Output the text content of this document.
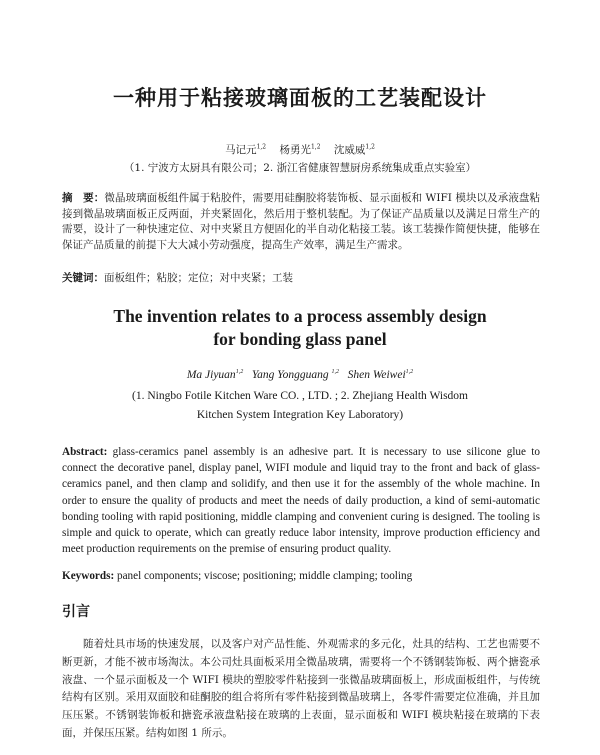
一种用于粘接玻璃面板的工艺装配设计
马记元$^{1,2}$ 杨勇光$^{1,2}$ 沈威威$^{1,2}$
（1. 宁波方太厨具有限公司；2. 浙江省健康智慧厨房系统集成重点实验室）
摘　要：微晶玻璃面板组件属于粘胶件，需要用硅酮胶将装饰板、显示面板和 WIFI 模块以及承液盘粘接到微晶玻璃面板正反两面，并夹紧固化，然后用于整机装配。为了保证产品质量以及满足日常生产的需要，设计了一种快速定位、对中夹紧且方便固化的半自动化粘接工装。该工装操作简便快捷，能够在保证产品质量的前提下大大减小劳动强度，提高生产效率，满足生产需求。
关键词：面板组件；粘胶；定位；对中夹紧；工装
The invention relates to a process assembly design
for bonding glass panel
Ma Jiyuan$^{1,2}$ Yang Yongguang $^{1,2}$ Shen Weiwei$^{1,2}$
(1. Ningbo Fotile Kitchen Ware CO. , LTD. ; 2. Zhejiang Health Wisdom
Kitchen System Integration Key Laboratory)
Abstract: glass-ceramics panel assembly is an adhesive part. It is necessary to use silicone glue to connect the decorative panel, display panel, WIFI module and liquid tray to the front and back of glass-ceramics panel, and then clamp and solidify, and then use it for the assembly of the whole machine. In order to ensure the quality of products and meet the needs of daily production, a kind of semi-automatic bonding tooling with rapid positioning, middle clamping and convenient curing is designed. The tooling is simple and quick to operate, which can greatly reduce labor intensity, improve production efficiency and meet production requirements on the premise of ensuring product quality.
Keywords: panel components; viscose; positioning; middle clamping; tooling
引言
随着灶具市场的快速发展，以及客户对产品性能、外观需求的多元化，灶具的结构、工艺也需要不断更新，才能不被市场淘汰。本公司灶具面板采用全微晶玻璃，需要将一个不锈钢装饰板、两个搪瓷承液盘、一个显示面板及一个 WIFI 模块的塑胶零件粘接到一张微晶玻璃面板上，形成面板组件，与传统结构有区别。采用双面胶和硅酮胶的组合将所有零件粘接到微晶玻璃上，各零件需要定位准确，并且加压压紧。不锈钢装饰板和搪瓷承液盘粘接在玻璃的上表面，显示面板和 WIFI 模块粘接在玻璃的下表面，并保压压紧。结构如图 1 所示。
